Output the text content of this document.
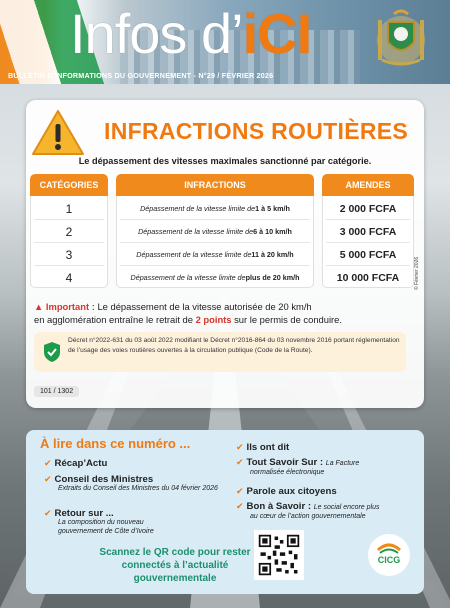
Infos d’iCI
BULLETIN D’INFORMATIONS DU GOUVERNEMENT - N°29 / FÉVRIER 2026
INFRACTIONS ROUTIÈRES
Le dépassement des vitesses maximales sanctionné par catégorie.
CATÉGORIES	INFRACTIONS	AMENDES
1	Dépassement de la vitesse limite de 1 à 5 km/h	2 000 FCFA
2	Dépassement de la vitesse limite de 6 à 10 km/h	3 000 FCFA
3	Dépassement de la vitesse limite de 11 à 20 km/h	5 000 FCFA
4	Dépassement de la vitesse limite de plus de 20 km/h	10 000 FCFA
▲ Important : Le dépassement de la vitesse autorisée de 20 km/h
en agglomération entraîne le retrait de 2 points sur le permis de conduire.
Décret n°2022-631 du 03 août 2022 modifiant le Décret n°2016-864 du 03 novembre 2016 portant réglementation de l’usage des voies routières ouvertes à la circulation publique (Code de la Route).
101 / 1302
© Février 2026
À lire dans ce numéro ...
✔ Récap’Actu
✔ Conseil des Ministres
Extraits du Conseil des Ministres du 04 février 2026
✔ Retour sur ...
La composition du nouveau gouvernement de Côte d’Ivoire
✔ Ils ont dit
✔ Tout Savoir Sur : La Facture
normalisée électronique
✔ Parole aux citoyens
✔ Bon à Savoir : Le social encore plus
au cœur de l’action gouvernementale
Scannez le QR code pour rester connectés à l’actualité gouvernementale
CICG
